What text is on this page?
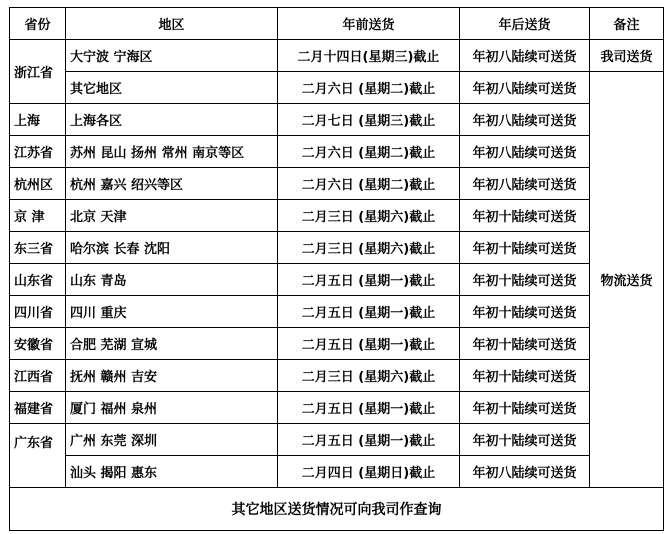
省份	地区	年前送货	年后送货	备注
浙江省	大宁波 宁海区	二月十四日(星期三)截止	年初八陆续可送货	我司送货
	其它地区	二月六日 (星期二)截止	年初八陆续可送货	物流送货
上海	上海各区	二月七日 (星期三)截止	年初八陆续可送货	
江苏省	苏州 昆山 扬州 常州 南京等区	二月六日 (星期二)截止	年初八陆续可送货	
杭州区	杭州 嘉兴 绍兴等区	二月六日 (星期二)截止	年初八陆续可送货	
京 津	北京 天津	二月三日 (星期六)截止	年初十陆续可送货	
东三省	哈尔滨 长春 沈阳	二月三日 (星期六)截止	年初十陆续可送货	
山东省	山东 青岛	二月五日 (星期一)截止	年初十陆续可送货	
四川省	四川 重庆	二月五日 (星期一)截止	年初十陆续可送货	
安徽省	合肥 芜湖 宣城	二月五日 (星期一)截止	年初十陆续可送货	
江西省	抚州 赣州 吉安	二月三日 (星期六)截止	年初十陆续可送货	
福建省	厦门 福州 泉州	二月五日 (星期一)截止	年初十陆续可送货	
广东省	广州 东莞 深圳	二月五日 (星期一)截止	年初十陆续可送货	
	汕头 揭阳 惠东	二月四日 (星期日)截止	年初八陆续可送货	
其它地区送货情况可向我司作查询				
